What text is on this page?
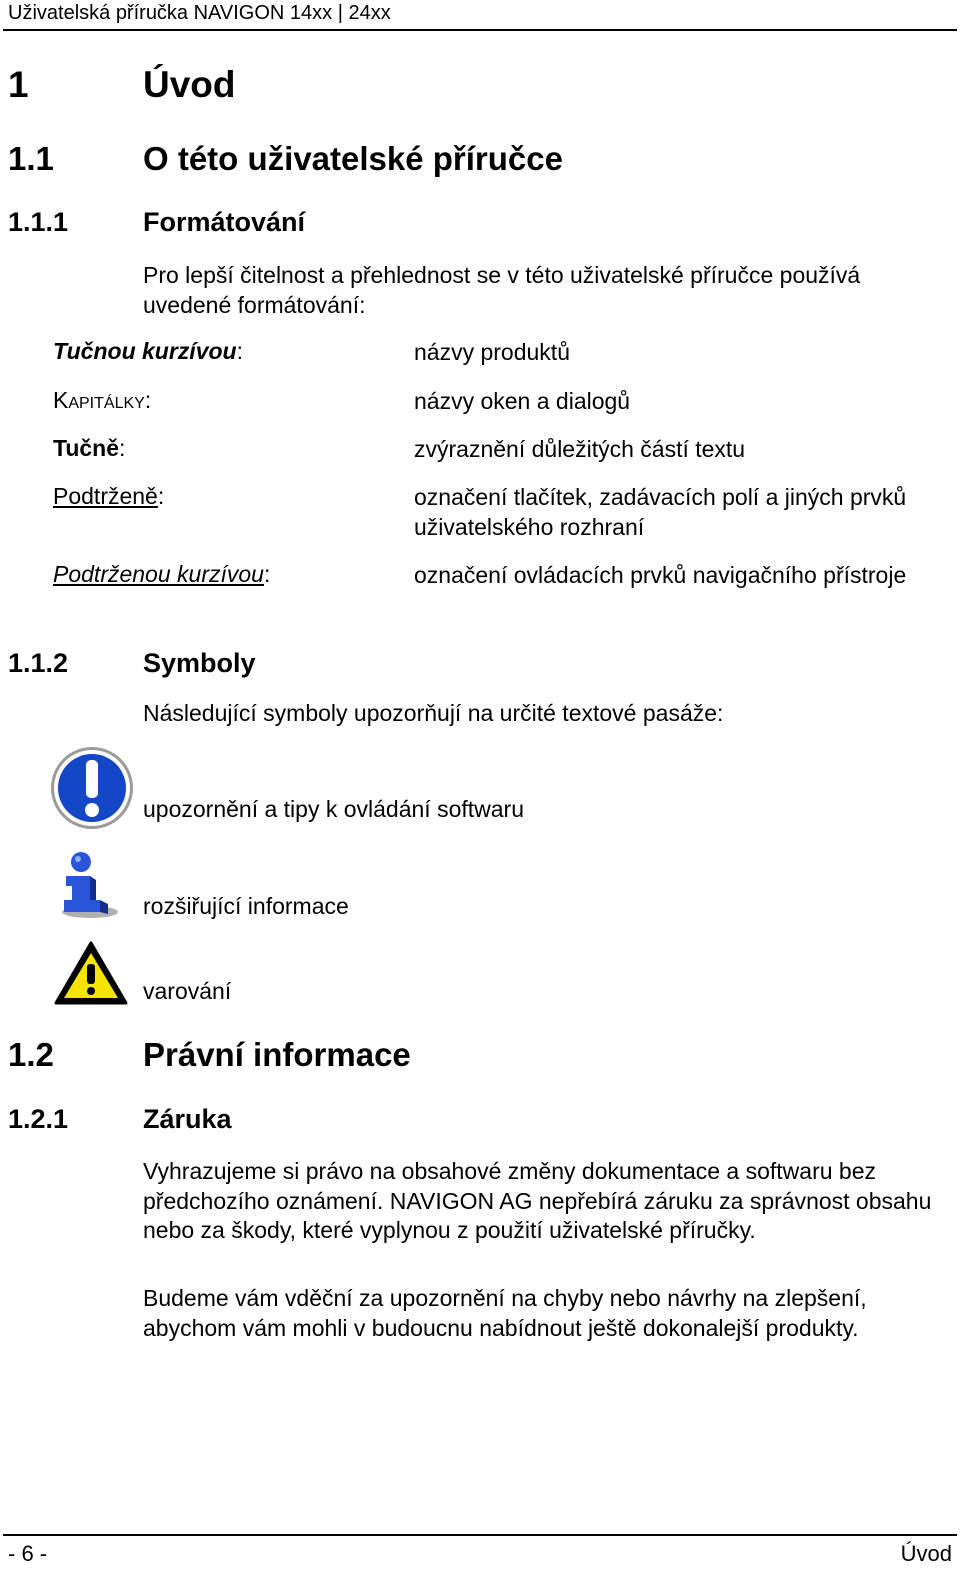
Uživatelská příručka NAVIGON 14xx | 24xx
1	Úvod
1.1	O této uživatelské příručce
1.1.1	Formátování
Pro lepší čitelnost a přehlednost se v této uživatelské příručce používá uvedené formátování:
Tučnou kurzívou:	názvy produktů
Kapitálky:	názvy oken a dialogů
Tučně:	zvýraznění důležitých částí textu
Podtrženě:	označení tlačítek, zadávacích polí a jiných prvků uživatelského rozhraní
Podtrženou kurzívou:	označení ovládacích prvků navigačního přístroje
1.1.2	Symboly
Následující symboly upozorňují na určité textové pasáže:
upozornění a tipy k ovládání softwaru
rozšiřující informace
varování
1.2	Právní informace
1.2.1	Záruka
Vyhrazujeme si právo na obsahové změny dokumentace a softwaru bez předchozího oznámení. NAVIGON AG nepřebírá záruku za správnost obsahu nebo za škody, které vyplynou z použití uživatelské příručky.
Budeme vám vděční za upozornění na chyby nebo návrhy na zlepšení, abychom vám mohli v budoucnu nabídnout ještě dokonalejší produkty.
- 6 -	Úvod
